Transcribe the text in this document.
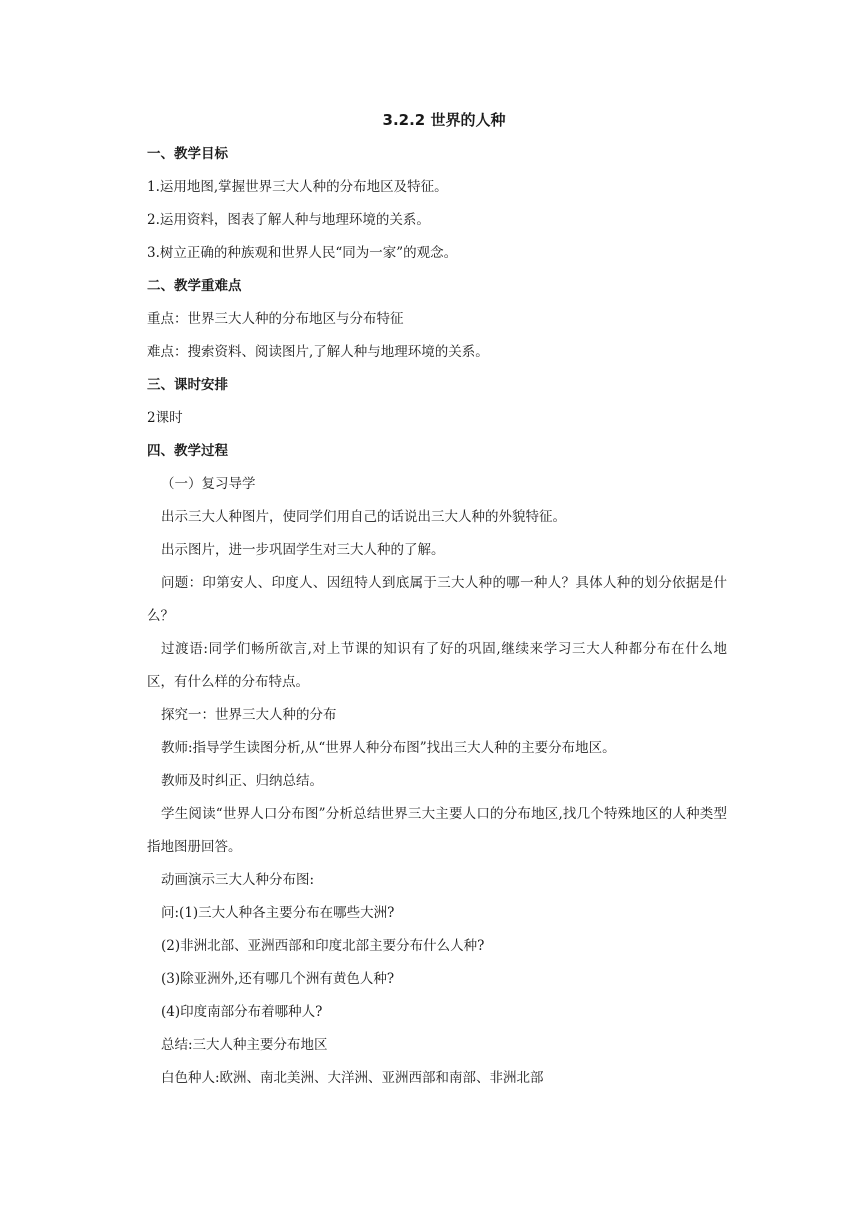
3.2.2 世界的人种
一、教学目标
1.运用地图,掌握世界三大人种的分布地区及特征。
2.运用资料，图表了解人种与地理环境的关系。
3.树立正确的种族观和世界人民“同为一家”的观念。
二、教学重难点
重点：世界三大人种的分布地区与分布特征
难点：搜索资料、阅读图片,了解人种与地理环境的关系。
三、课时安排
2课时
四、教学过程
（一）复习导学
出示三大人种图片，使同学们用自己的话说出三大人种的外貌特征。
出示图片，进一步巩固学生对三大人种的了解。
问题：印第安人、印度人、因纽特人到底属于三大人种的哪一种人？具体人种的划分依据是什么？
过渡语:同学们畅所欲言,对上节课的知识有了好的巩固,继续来学习三大人种都分布在什么地区，有什么样的分布特点。
探究一：世界三大人种的分布
教师:指导学生读图分析,从“世界人种分布图”找出三大人种的主要分布地区。
教师及时纠正、归纳总结。
学生阅读“世界人口分布图”分析总结世界三大主要人口的分布地区,找几个特殊地区的人种类型指地图册回答。
动画演示三大人种分布图:
问:(1)三大人种各主要分布在哪些大洲?
(2)非洲北部、亚洲西部和印度北部主要分布什么人种?
(3)除亚洲外,还有哪几个洲有黄色人种?
(4)印度南部分布着哪种人?
总结:三大人种主要分布地区
白色种人:欧洲、南北美洲、大洋洲、亚洲西部和南部、非洲北部
